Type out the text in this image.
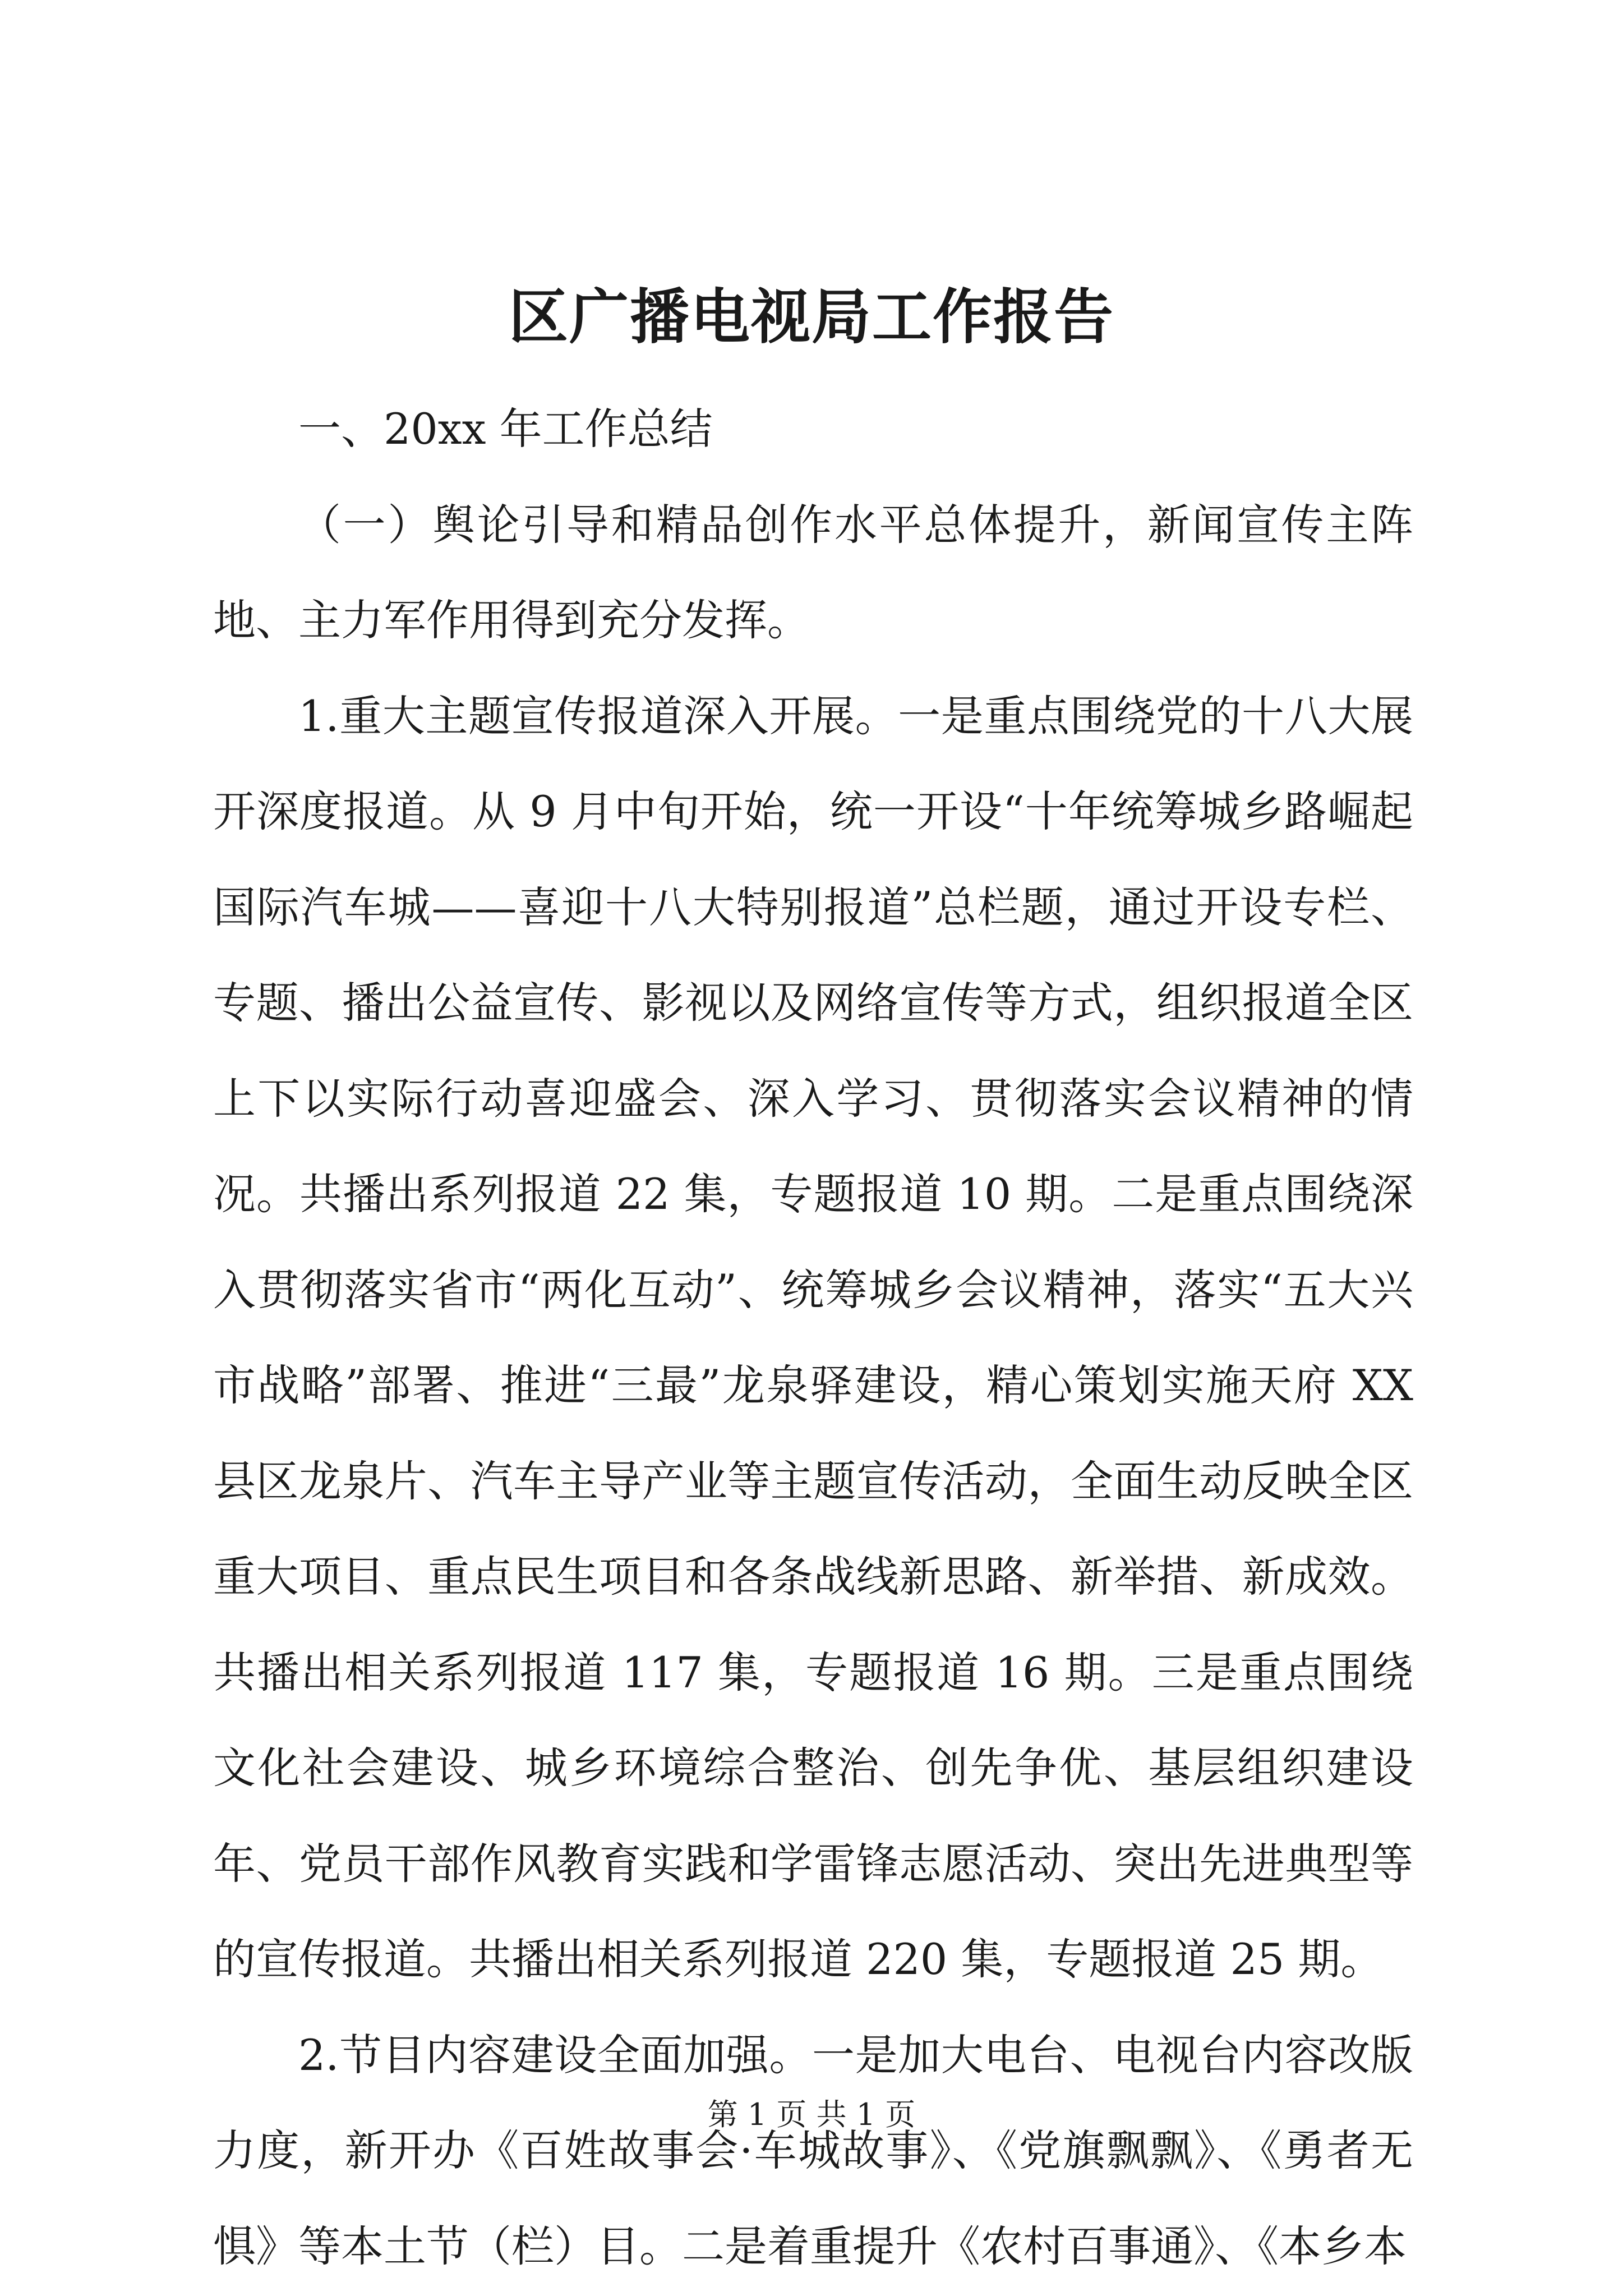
区广播电视局工作报告

一、20xx 年工作总结

（一）舆论引导和精品创作水平总体提升，新闻宣传主阵地、主力军作用得到充分发挥。

1.重大主题宣传报道深入开展。一是重点围绕党的十八大展开深度报道。从 9 月中旬开始，统一开设“十年统筹城乡路崛起国际汽车城——喜迎十八大特别报道”总栏题，通过开设专栏、专题、播出公益宣传、影视以及网络宣传等方式，组织报道全区上下以实际行动喜迎盛会、深入学习、贯彻落实会议精神的情况。共播出系列报道 22 集，专题报道 10 期。二是重点围绕深入贯彻落实省市“两化互动”、统筹城乡会议精神，落实“五大兴市战略”部署、推进“三最”龙泉驿建设，精心策划实施天府 XX 县区龙泉片、汽车主导产业等主题宣传活动，全面生动反映全区重大项目、重点民生项目和各条战线新思路、新举措、新成效。共播出相关系列报道 117 集，专题报道 16 期。三是重点围绕文化社会建设、城乡环境综合整治、创先争优、基层组织建设年、党员干部作风教育实践和学雷锋志愿活动、突出先进典型等的宣传报道。共播出相关系列报道 220 集，专题报道 25 期。

2.节目内容建设全面加强。一是加大电台、电视台内容改版力度，新开办《百姓故事会·车城故事》、《党旗飘飘》、《勇者无惧》等本土节（栏）目。二是着重提升《农村百事通》、《本乡本

第 1 页 共 1 页
